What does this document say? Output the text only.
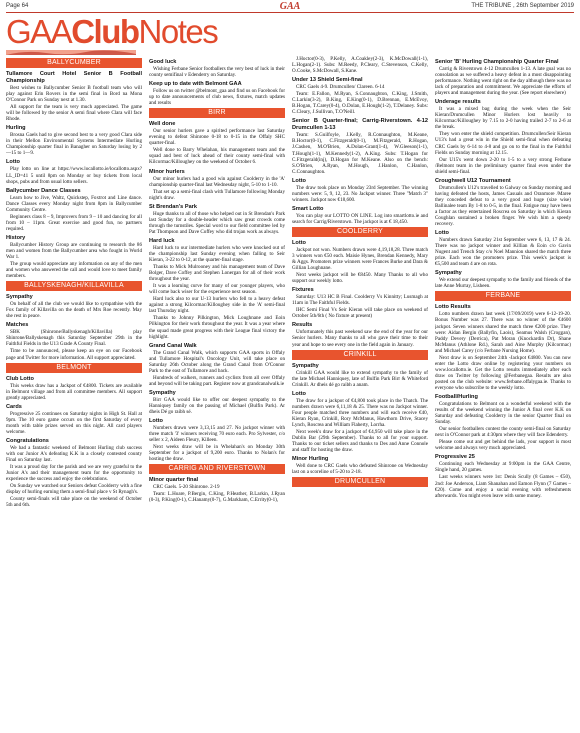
Page 64	GAA	THE TRIBUNE , 26th September 2019
GAAClubNotes
BALLYCUMBER
Tullamore Court Hotel Senior B Football Championship

Best wishes to Ballycumber Senior B football team who will play against Erin Rovers in the semi final in Bord na Mona O'Connor Park on Sunday next at 1.30.

All support for the team is very much appreciated. The game will be followed by the senior A semi final where Clara will face Rhode.

Hurling

Brosna Gaels had to give second best to a very good Clara side in their Mellon Environmental Systems Intermediate Hurling Championship quarter final in Banagher on Saturday losing by 2—15 to 1—9.

Lotto

Play lotto on line at https://www.locallotto.ie/locallotto.aspx?LL_ID=41 5 until 8pm on Monday or buy tickets from local shops, pubs and from usual lotto sellers.

Ballycumber Dance Classes

Learn how to Jive, Waltz, Quickstep, Foxtrot and Line dance. Dance Classes every Monday night from 8pm in Ballycumber Community Centre.

Beginners class 8 – 9, Improvers from 9 – 10 and dancing for all from 10 – 11pm. Great exercise and good fun, no partners required.

History

Ballycumber History Group are continuing to research the 86 men and women from the Ballycumber area who fought in World War 1.

The group would appreciate any information on any of the men and women who answered the call and would love to meet family members.

BALLYSKENAGH/KILLAVILLA
Sympathy

On behalf of all the club we would like to sympathise with the Fox family of Killavilla on the death of Mrs Roe recently. May she rest in peace.

Matches

SBK (Shinrone/Ballyskenagh/Killavilla) play Shinrone/Ballyskenagh this Saturday September 29th in the Faithful Fields in the U13 Grade A County Final.

Time to be announced, please keep an eye on our Facebook page and Twitter for more information. All support appreciated.

BELMONT
Club Lotto

This weeks draw has a Jackpot of €4800. Tickets are available in Belmont village and from all committee members. All support greatly appreciated.

Cards

Progressive 25 continues on Saturday nights in High St. Hall at 9pm. The 10 euro game occurs on the first Saturday of every month with table prizes served on this night. All card players welcome.

Congratulations

We had a fantastic weekend of Belmont Hurling club success with our Junior A's defeating K.K in a closely contested county Final on Saturday last.

It was a proud day for the parish and we are very grateful to the Junior A's and their management team for the opportunity to experience the success and enjoy the celebrations.

On Sunday we watched our Seniors defeat Coolderry with a fine display of hurling earning them a semi-final place v St Rynagh's.

County semi-finals will take place on the weekend of October 5th and 6th.

Good luck

Wishing Ferbane Senior footballers the very best of luck in their county semifinal v Edenderry on Saturday.

Keep up to date with Belmont GAA

Follow us on twitter @belmont_gaa and find us on Facebook for up to date announcements of club news, fixtures, match updates and results

BIRR
Well done

Our senior hurlers gave a spirited performance last Saturday evening to defeat Shinrone 0-18 to 0-15 in the Offaly SHC quarter-final.

Well done to Barry Whelahan, his management team and the squad and best of luck ahead of their county semi-final with Kilcormac/Killoughey on the weekend of October 6.

Minor hurlers

Our minor hurlers had a good win against Coolderry in the 'A' championship quarter-final last Wednesday night, 5-10 to 1-10.

That set up a semi-final clash with Tullamore following Monday night's draw.

St Brendan's Park

Huge thanks to all of those who helped out in St Brendan's Park last Sunday for a double-header which saw great crowds come through the turnstiles. Special word to our field committee led by Pat Thompson and Dave Coffey who did trojan work as always.

Hard luck

Hard luck to our intermediate hurlers who were knocked out of the championship last Sunday evening when falling to Seir Kieran, 3-22 to 0-12, at the quarter-final stage.

Thanks to Mick Mulrooney and his management team of Dave Bolger, Dave Coffey and Stephen Lonergan for all of their work throughout the year.

It was a learning curve for many of our younger players, who will come back wiser for the experience next season.

Hard luck also to our U-13 hurlers who fell to a heavy defeat against a strong Kilcormac/Killoughey side in the 'A' semi-final last Thursday night.

Thanks to Johnny Pilkington, Mick Loughnane and Eoin Pilkington for their work throughout the year. It was a year where the squad made great progress with their League final victory the highlight.

Grand Canal Walk

The Grand Canal Walk, which supports GAA sports in Offaly and Tullamore Hospital's Oncology Unit, will take place on Saturday 26th October along the Grand Canal from O'Connor Park to the east of Tullamore and back.

Hundreds of walkers, runners and cyclists from all over Offaly and beyond will be taking part. Register now at grandcanalwalk.ie

Sympathy

Birr GAA would like to offer our deepest sympathy to the Hanniquey family on the passing of Michael (Bulfin Park). Ar dheis Dé go raibh sé.

Lotto

Numbers drawn were 3,13,15 and 27. No jackpot winner with three match '3' winners receiving 70 euro each. Pro Sylvester, c/o seller x 2, Aideen Fleury, Killeen.

Next weeks draw will be in Whelahan's on Monday 30th September for a jackpot of 9,200 euro. Thanks to Nolan's for hosting the draw.

CARRIG AND RIVERSTOWN
Minor quarter final

CRC Gaels. 5-20 Shinrone. 2-19

Team: L.Hoare, P.Bergin, C.King, P.Heather, B.Larkin, J.Ryan (0-3), P.King(0-1), C.Hanamy(0-7), G.Markham, C.Errity(0-1),

J.Hoctor(0-3), P.Kelly, A.Coakley(2-3), K.McDowall(1-1), L.Hogan(2-1). Subs: M.Reedy, P.Cleary, C.Stevenson, C.Kelly, O.Cooke, S.McDowall, S.Kane.

Under 13 Shield Semi-final

CRC Gaels 4-9. Drumcullen/ Clareen. 6-14

Team: E.Fallon, M.Ryan, S.Connaughton, C.King, J.Smith, C.Larkin(3-2), B.King, E.King(0-1), D.Brennan, E.McEvoy, B.Hogan, T.Carey(0-4), O.Dolan, E.Hough(1-2), T.Delaney. Subs: C.Cleary, J.Sullivan, T.O'Neill.

Senior B Quarter-final; Carrig-Riverstown. 4-12 Drumcullen 1-13

Team: S.Guilfoyle, J.Kelly, R.Connaughton, M.Keane, B.Hoctor(0-1), C.Fitzgerald(0-1), M.Fitzgerald, R.Hogan, J.Cashen, M.O'Brien, A.Dolan-Grant(1-4), W.Gleeson(1-1), T.Hough(1-1), M.Kennedy(1-2), A.King. Subs: T.Hogan for C.Fitzgerald(inj), D.Hogan for M.Keane. Also on the bench: S.O'Brien, A.Ryan, M.Hough, J.Hanlon, C.Hanlon, C.Connaughton.

Lotto

The draw took place on Monday 23rd September. The winning numbers were: 5, 9, 12, 23. No Jackpot winner. Three "Match 3" winners. Jackpot now €18,600.

Smart Lotto

You can play our LOTTO ON LINE. Log into smartlotto.ie and search for Carrig/Riverstown. The jackpot is at € 18,450.

COOLDERRY
Lotto

Jackpot not won. Numbers drawn were 4,19,18,28. Three match 3 winners won €50 each. Maisie Hynes, Brendan Kennedy, Mary & Aggs. Promoters prize winners were Frances Burke and Dara & Gillian Loughnane.

Next weeks jackpot will be €8450. Many Thanks to all who support our weekly lotto.

Fixtures

Saturday: U13 HC B Final. Coolderry Vs Kinnitty; Lusmagh at 11am in The Faithful Fields.

IHC Semi Final Vs Seir Kieran will take place on weekend of October 5th/6th ( No fixture at present)

Results

Unfortunately this past weekend saw the end of the year for our Senior hurlers. Many thanks to all who gave their time to their year and hope to see every one in the field again in January.

CRINKILL
Sympathy

Crinkill GAA would like to extend sympathy to the family of the late Michael Hanniquey, late of Bulfin Park Birr & Whiteford Crinkill. Ar dheis dé go raibh a anam.

Lotto

The draw for a jackpot of €4,800 took place in the Thatch. The numbers drawn were 6,11,18 & 25. There was no Jackpot winner. Four people matched three numbers and will each receive €40, Kieran Ryan, Crinkill, Rory McManus, Hawthorn Drive, Stacey Lynch, Roscrea and William Flaherty, Lorrha.

Next week's draw for a jackpot of €4,950 will take place in the Dublin Bar (29th September). Thanks to all for your support. Thanks to our ticket sellers and thanks to Des and Anne Connole and staff for hosting the draw.

Minor Hurling

Well done to CRC Gaels who defeated Shinrone on Wednesday last on a scoreline of 5-20 to 2-18.

DRUMCULLEN
Senior 'B' Hurling Championship Quarter Final

Carrig & Riverstown 4-12 Drumcullen 1-13. A late goal was no consolation as we suffered a heavy defeat in a most disappointing performance. Nothing went right on the day although there was no lack of preparation and commitment. We appreciate the efforts of players and management during the year. (See report elsewhere)

Underage results

It was a mixed bag during the week when the Seir Kieran/Drumcullen Minor Hurlers lost heavily to Kilcormac/Killoughey by 7.15 to 2-0 having trailed 2-7 to 2-6 at the break.

They won enter the shield competition. Drumcullen/Seir Kieran U13's had a great win in the Shield semi-final when defeating CRC Gaels by 6-14 to 4-8 and go on to the final in the Faithful Fields on Sunday morning at 12.15.

Our U15's went down 2-20 to 1-5 to a very strong Ferbane /Belmont team in the preliminary quarter final even under the shield semi-final.

Croughwell U12 Tournament

Drumcullen's U12's travelled to Galway on Sunday morning and having defeated the hosts, James Casuals and Oranmore /Maree they conceded defeat to a very good and huge (size wise) Ballinalee team By 1-8 to 0-5, in the final. Fatigue may have been a factor as they entertained Roscrea on Saturday in which Kieran Coughlan sustained a broken finger. We wish him a speedy recovery.

Lotto

Numbers drawn Saturday 21st September were 6, 13, 17 & 24. There was no jackpot winner and Killian & Eoin c/o Gavin Nugent and Trench Stay c/o Noel Mannion shared the match three prize. Each won the promoters prize. This week's jackpot is €5,500 and team 4 are on rota.

Sympathy

We extend our deepest sympathy to the family and friends of the late Anne Murray, Lisheen.

FERBANE
Lotto Results

Lotto numbers drawn last week (17/09/2019) were 6-12-19-20. Bonus Number was 27. There was no winner of the €4600 jackpot. Seven winners shared the match three €200 prize. They were: Aidan Bergin (Ballyfin, Laois), Seamus Walsh (Croggan), Paddy Devery (Derrica), Pat Moran (Knockardin Dr), Shane McManus (Athlone Rd.), Sarah and Aine Murphy (Kilcormac) and Michael Carey (c/o Ferbane Nursing Home).

Next draw is on September 24th -Jackpot €4800. You can now enter the Lotto draw online by registering your numbers on www.locallotto.ie. Get the Lotto results immediately after each draw on Twitter by following @Ferbanegaa. Results are also posted on the club website: www.ferbane.offalygaa.ie. Thanks to everyone who subscribe to the weekly lotto.

Football/Hurling

Congratulations to Belmont on a wonderful weekend with the results of the weekend winning the Junior A final over K.K on Saturday and defeating Coolderry in the senior Quarter final on Sunday.

Our senior footballers contest the county semi-final on Saturday next in O'Connor park at 4:30pm where they will face Edenderry.

Please come out and get behind the lads, your support is most welcome and always very much appreciated.

Progressive 25

Continuing each Wednesday at 9:00pm in the GAA Centre, Single hand, 20 games.

Last weeks winners were 1st: Denis Scully (8 Games – €50), 2nd: Joe Anderson, Liam Shanahan and Eamon Flynn (7 Games – €20). Come and enjoy a social evening with refreshments afterwards. You might even leave with some money.
